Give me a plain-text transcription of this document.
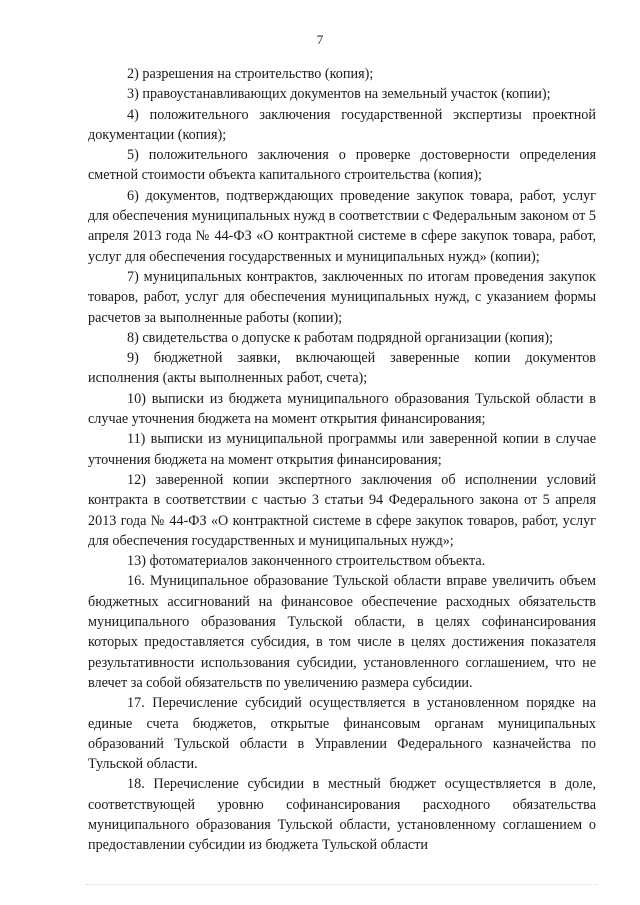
7

2) разрешения на строительство (копия);

3) правоустанавливающих документов на земельный участок (копии);

4) положительного заключения государственной экспертизы проектной документации (копия);

5) положительного заключения о проверке достоверности определения сметной стоимости объекта капитального строительства (копия);

6) документов, подтверждающих проведение закупок товара, работ, услуг для обеспечения муниципальных нужд в соответствии с Федеральным законом от 5 апреля 2013 года № 44-ФЗ «О контрактной системе в сфере закупок товара, работ, услуг для обеспечения государственных и муниципальных нужд» (копии);

7) муниципальных контрактов, заключенных по итогам проведения закупок товаров, работ, услуг для обеспечения муниципальных нужд, с указанием формы расчетов за выполненные работы (копии);

8) свидетельства о допуске к работам подрядной организации (копия);

9) бюджетной заявки, включающей заверенные копии документов исполнения (акты выполненных работ, счета);

10) выписки из бюджета муниципального образования Тульской области в случае уточнения бюджета на момент открытия финансирования;

11) выписки из муниципальной программы или заверенной копии в случае уточнения бюджета на момент открытия финансирования;

12) заверенной копии экспертного заключения об исполнении условий контракта в соответствии с частью 3 статьи 94 Федерального закона от 5 апреля 2013 года № 44-ФЗ «О контрактной системе в сфере закупок товаров, работ, услуг для обеспечения государственных и муниципальных нужд»;

13) фотоматериалов законченного строительством объекта.

16. Муниципальное образование Тульской области вправе увеличить объем бюджетных ассигнований на финансовое обеспечение расходных обязательств муниципального образования Тульской области, в целях софинансирования которых предоставляется субсидия, в том числе в целях достижения показателя результативности использования субсидии, установленного соглашением, что не влечет за собой обязательств по увеличению размера субсидии.

17. Перечисление субсидий осуществляется в установленном порядке на единые счета бюджетов, открытые финансовым органам муниципальных образований Тульской области в Управлении Федерального казначейства по Тульской области.

18. Перечисление субсидии в местный бюджет осуществляется в доле, соответствующей уровню софинансирования расходного обязательства муниципального образования Тульской области, установленному соглашением о предоставлении субсидии из бюджета Тульской области
